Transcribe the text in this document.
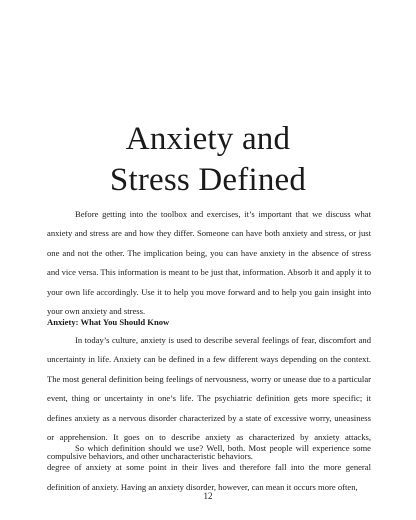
Anxiety and
Stress Defined

Before getting into the toolbox and exercises, it’s important that we discuss what anxiety and stress are and how they differ. Someone can have both anxiety and stress, or just one and not the other. The implication being, you can have anxiety in the absence of stress and vice versa. This information is meant to be just that, information. Absorb it and apply it to your own life accordingly. Use it to help you move forward and to help you gain insight into your own anxiety and stress.

Anxiety: What You Should Know

In today’s culture, anxiety is used to describe several feelings of fear, discomfort and uncertainty in life. Anxiety can be defined in a few different ways depending on the context. The most general definition being feelings of nervousness, worry or unease due to a particular event, thing or uncertainty in one’s life. The psychiatric definition gets more specific; it defines anxiety as a nervous disorder characterized by a state of excessive worry, uneasiness or apprehension. It goes on to describe anxiety as characterized by anxiety attacks, compulsive behaviors, and other uncharacteristic behaviors.

So which definition should we use? Well, both. Most people will experience some degree of anxiety at some point in their lives and therefore fall into the more general definition of anxiety. Having an anxiety disorder, however, can mean it occurs more often,

12
